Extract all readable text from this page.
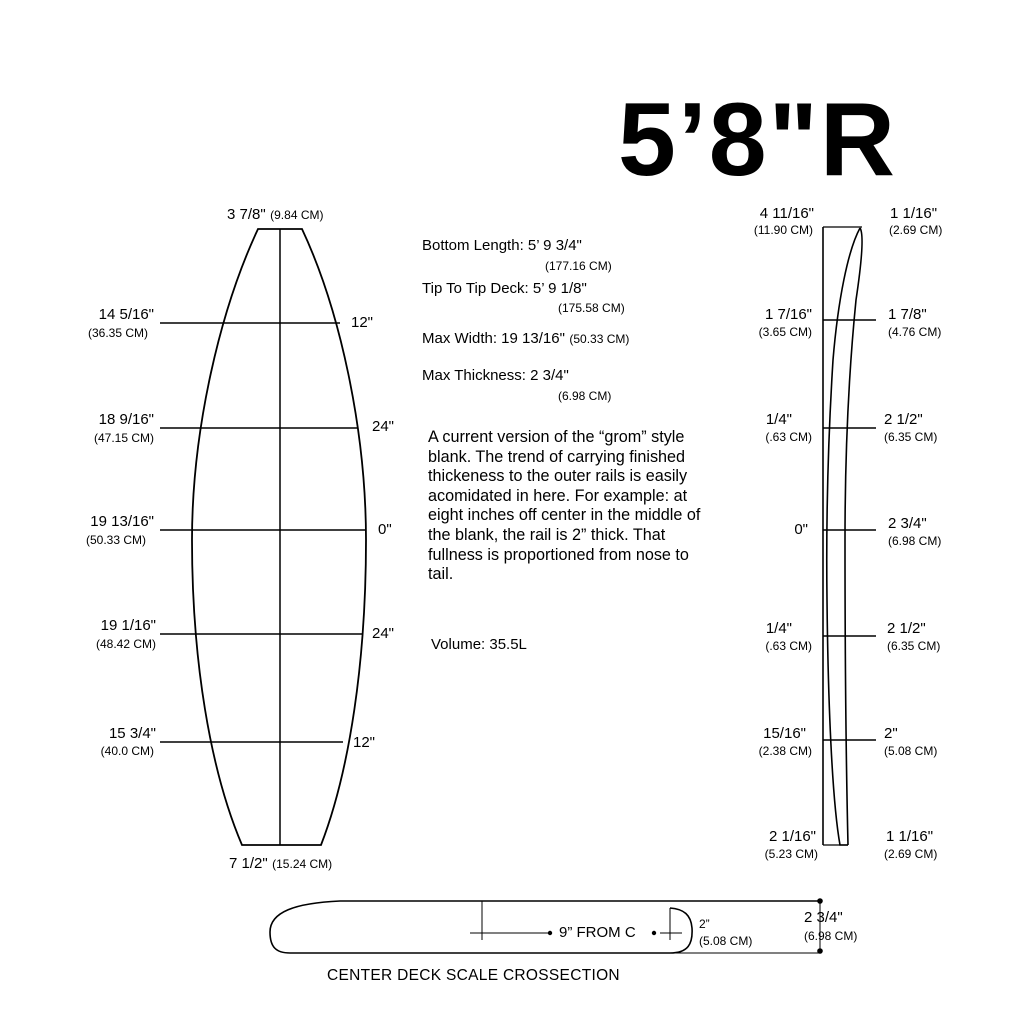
5’8"R
3 7/8" (9.84 CM)
7 1/2" (15.24 CM)
14 5/16"
(36.35 CM)
12"
18 9/16"
(47.15 CM)
24"
19 13/16"
(50.33 CM)
0"
19 1/16"
(48.42 CM)
24"
15 3/4"
(40.0 CM)	12"
Bottom Length: 5’ 9 3/4"
(177.16 CM)
Tip To Tip Deck: 5’ 9 1/8"
(175.58 CM)
Max Width: 19 13/16" (50.33 CM)
Max Thickness: 2 3/4"
(6.98 CM)
A current version of the “grom” style blank. The trend of carrying finished thickeness to the outer rails is easily acomidated in here. For example: at eight inches off center in the middle of the blank, the rail is 2” thick. That fullness is proportioned from nose to tail.
Volume: 35.5L
4 11/16"
(11.90 CM)
1 1/16"
(2.69 CM)
1 7/16"
(3.65 CM)
1 7/8"
(4.76 CM)
1/4"
(.63 CM)
2 1/2"
(6.35 CM)
0"	2 3/4"
(6.98 CM)
1/4"
(.63 CM)
2 1/2"
(6.35 CM)
15/16"
(2.38 CM)
2"
(5.08 CM)
2 1/16"
(5.23 CM)
1 1/16"
(2.69 CM)
9” FROM C	2”
(5.08 CM)
2 3/4"
(6.98 CM)
CENTER DECK SCALE CROSSECTION
